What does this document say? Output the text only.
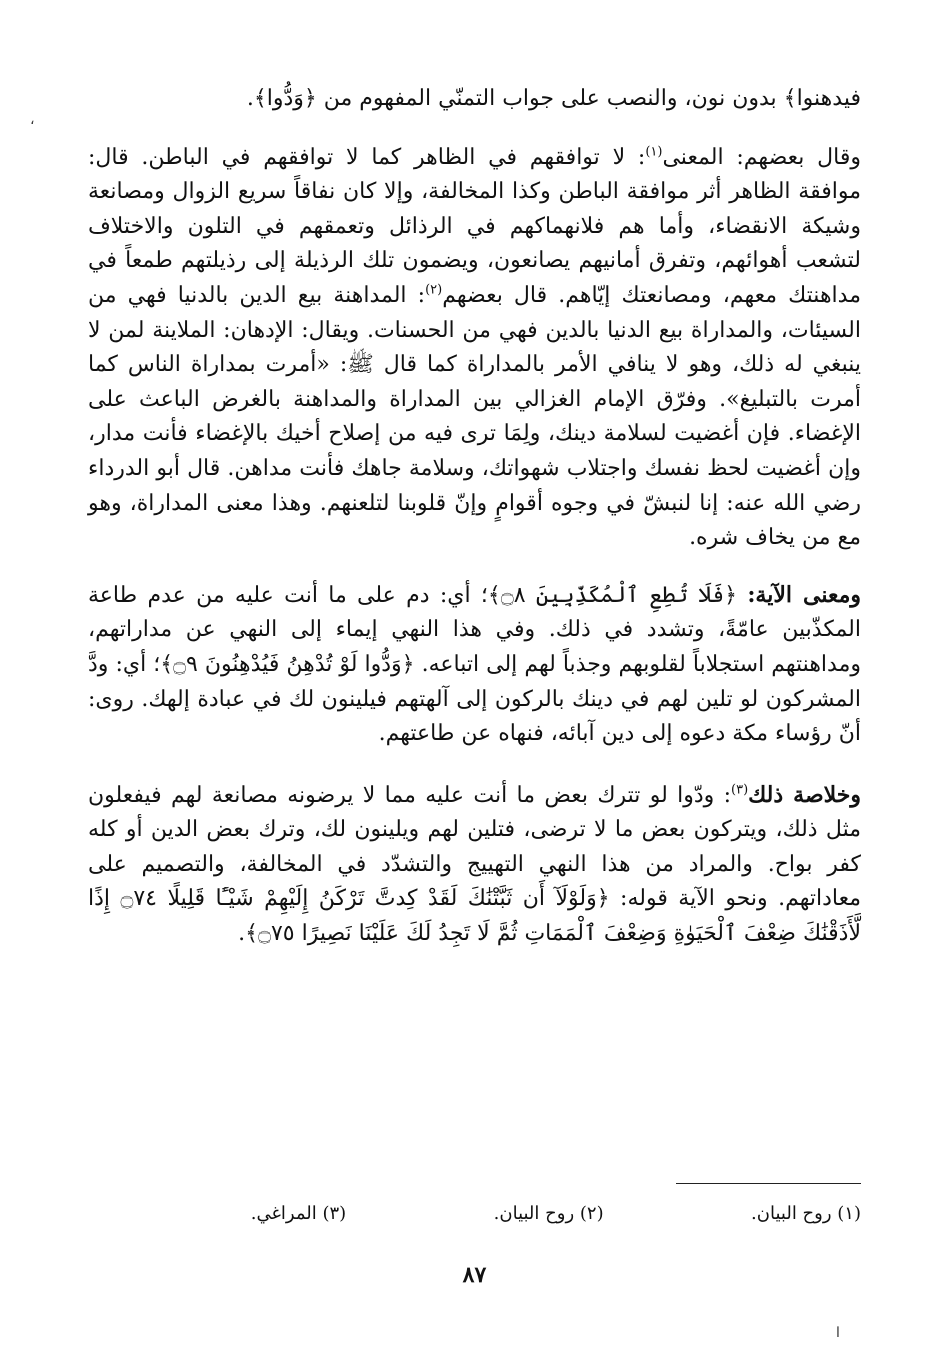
فيدهنوا﴾ بدون نون، والنصب على جواب التمنّي المفهوم من ﴿وَدُّوا﴾.

وقال بعضهم: المعنى$^{(١)}$: لا توافقهم في الظاهر كما لا توافقهم في الباطن. قال: موافقة الظاهر أثر موافقة الباطن وكذا المخالفة، وإلا كان نفاقاً سريع الزوال ومصانعة وشيكة الانقضاء، وأما هم فلانهماكهم في الرذائل وتعمقهم في التلون والاختلاف لتشعب أهوائهم، وتفرق أمانيهم يصانعون، ويضمون تلك الرذيلة إلى رذيلتهم طمعاً في مداهنتك معهم، ومصانعتك إيّاهم. قال بعضهم$^{(٢)}$: المداهنة بيع الدين بالدنيا فهي من السيئات، والمداراة بيع الدنيا بالدين فهي من الحسنات. ويقال: الإدهان: الملاينة لمن لا ينبغي له ذلك، وهو لا ينافي الأمر بالمداراة كما قال ﷺ: «أمرت بمداراة الناس كما أمرت بالتبليغ». وفرّق الإمام الغزالي بين المداراة والمداهنة بالغرض الباعث على الإغضاء. فإن أغضيت لسلامة دينك، ولِمَا ترى فيه من إصلاح أخيك بالإغضاء فأنت مدار، وإن أغضيت لحظ نفسك واجتلاب شهواتك، وسلامة جاهك فأنت مداهن. قال أبو الدرداء رضي الله عنه: إنا لنبشّ في وجوه أقوامٍ وإنّ قلوبنا لتلعنهم. وهذا معنى المداراة، وهو مع من يخاف شره.

ومعنى الآية: ﴿فَلَا تُطِعِ ٱلْمُكَذِّبِينَ ۝٨﴾؛ أي: دم على ما أنت عليه من عدم طاعة المكذّبين عامّةً، وتشدد في ذلك. وفي هذا النهي إيماء إلى النهي عن مداراتهم، ومداهنتهم استجلاباً لقلوبهم وجذباً لهم إلى اتباعه. ﴿وَدُّوا لَوْ تُدْهِنُ فَيُدْهِنُونَ ۝٩﴾؛ أي: ودَّ المشركون لو تلين لهم في دينك بالركون إلى آلهتهم فيلينون لك في عبادة إلهك. روى: أنّ رؤساء مكة دعوه إلى دين آبائه، فنهاه عن طاعتهم.

وخلاصة ذلك$^{(٣)}$: ودّوا لو تترك بعض ما أنت عليه مما لا يرضونه مصانعة لهم فيفعلون مثل ذلك، ويتركون بعض ما لا ترضى، فتلين لهم ويلينون لك، وترك بعض الدين أو كله كفر بواح. والمراد من هذا النهي التهييج والتشدّد في المخالفة، والتصميم على معاداتهم. ونحو الآية قوله: ﴿وَلَوْلَآ أَن ثَبَّتْنَٰكَ لَقَدْ كِدتَّ تَرْكَنُ إِلَيْهِمْ شَيْـًٔا قَلِيلًا ۝٧٤ إِذًا لَّأَذَقْنَٰكَ ضِعْفَ ٱلْحَيَوٰةِ وَضِعْفَ ٱلْمَمَاتِ ثُمَّ لَا تَجِدُ لَكَ عَلَيْنَا نَصِيرًا ۝٧٥﴾.

(١) روح البيان.
(٢) روح البيان.
(٣) المراغي.
٨٧
،
ا
